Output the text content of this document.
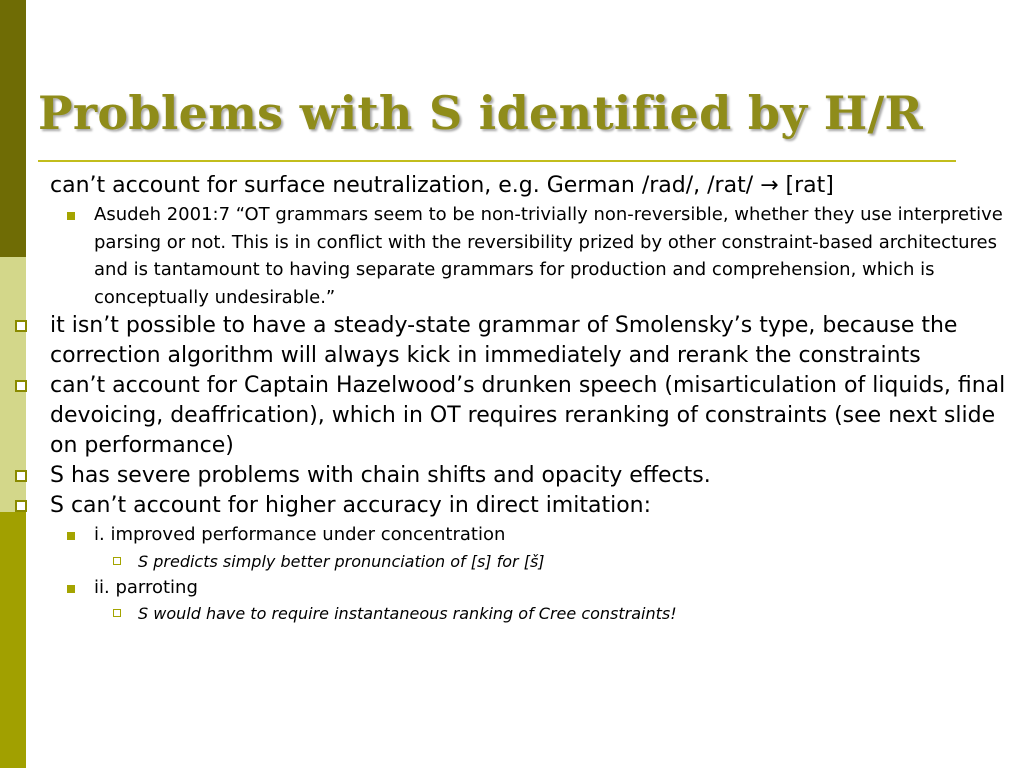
Problems with S identified by H/R
can’t account for surface neutralization, e.g. German /rad/, /rat/ → [rat]
Asudeh 2001:7 “OT grammars seem to be non-trivially non-reversible, whether they use interpretive parsing or not. This is in conflict with the reversibility prized by other constraint-based architectures and is tantamount to having separate grammars for production and comprehension, which is conceptually undesirable.”
it isn’t possible to have a steady-state grammar of Smolensky’s type, because the correction algorithm will always kick in immediately and rerank the constraints
can’t account for Captain Hazelwood’s drunken speech (misarticulation of liquids, final devoicing, deaffrication), which in OT requires reranking of constraints (see next slide on performance)
S has severe problems with chain shifts and opacity effects.
S can’t account for higher accuracy in direct imitation:
i. improved performance under concentration
S predicts simply better pronunciation of [s] for [š]
ii. parroting
S would have to require instantaneous ranking of Cree constraints!
